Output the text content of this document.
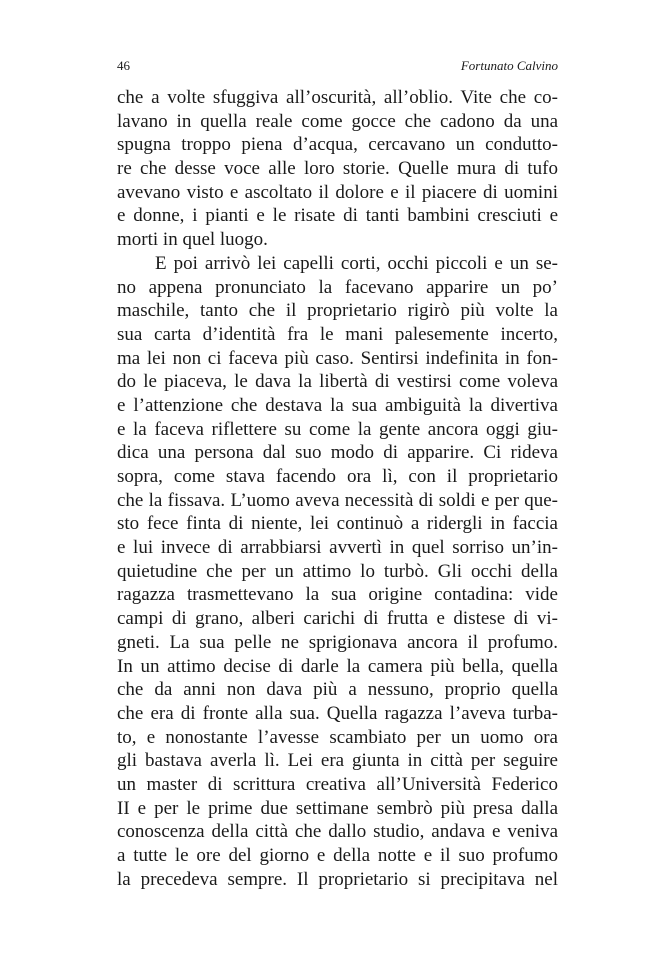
46	Fortunato Calvino
che a volte sfuggiva all’oscurità, all’oblio. Vite che co-
lavano in quella reale come gocce che cadono da una
spugna troppo piena d’acqua, cercavano un condutto-
re che desse voce alle loro storie. Quelle mura di tufo
avevano visto e ascoltato il dolore e il piacere di uomini
e donne, i pianti e le risate di tanti bambini cresciuti e
morti in quel luogo.
E poi arrivò lei capelli corti, occhi piccoli e un se-
no appena pronunciato la facevano apparire un po’
maschile, tanto che il proprietario rigirò più volte la
sua carta d’identità fra le mani palesemente incerto,
ma lei non ci faceva più caso. Sentirsi indefinita in fon-
do le piaceva, le dava la libertà di vestirsi come voleva
e l’attenzione che destava la sua ambiguità la divertiva
e la faceva riflettere su come la gente ancora oggi giu-
dica una persona dal suo modo di apparire. Ci rideva
sopra, come stava facendo ora lì, con il proprietario
che la fissava. L’uomo aveva necessità di soldi e per que-
sto fece finta di niente, lei continuò a ridergli in faccia
e lui invece di arrabbiarsi avvertì in quel sorriso un’in-
quietudine che per un attimo lo turbò. Gli occhi della
ragazza trasmettevano la sua origine contadina: vide
campi di grano, alberi carichi di frutta e distese di vi-
gneti. La sua pelle ne sprigionava ancora il profumo.
In un attimo decise di darle la camera più bella, quella
che da anni non dava più a nessuno, proprio quella
che era di fronte alla sua. Quella ragazza l’aveva turba-
to, e nonostante l’avesse scambiato per un uomo ora
gli bastava averla lì. Lei era giunta in città per seguire
un master di scrittura creativa all’Università Federico
II e per le prime due settimane sembrò più presa dalla
conoscenza della città che dallo studio, andava e veniva
a tutte le ore del giorno e della notte e il suo profumo
la precedeva sempre. Il proprietario si precipitava nel
